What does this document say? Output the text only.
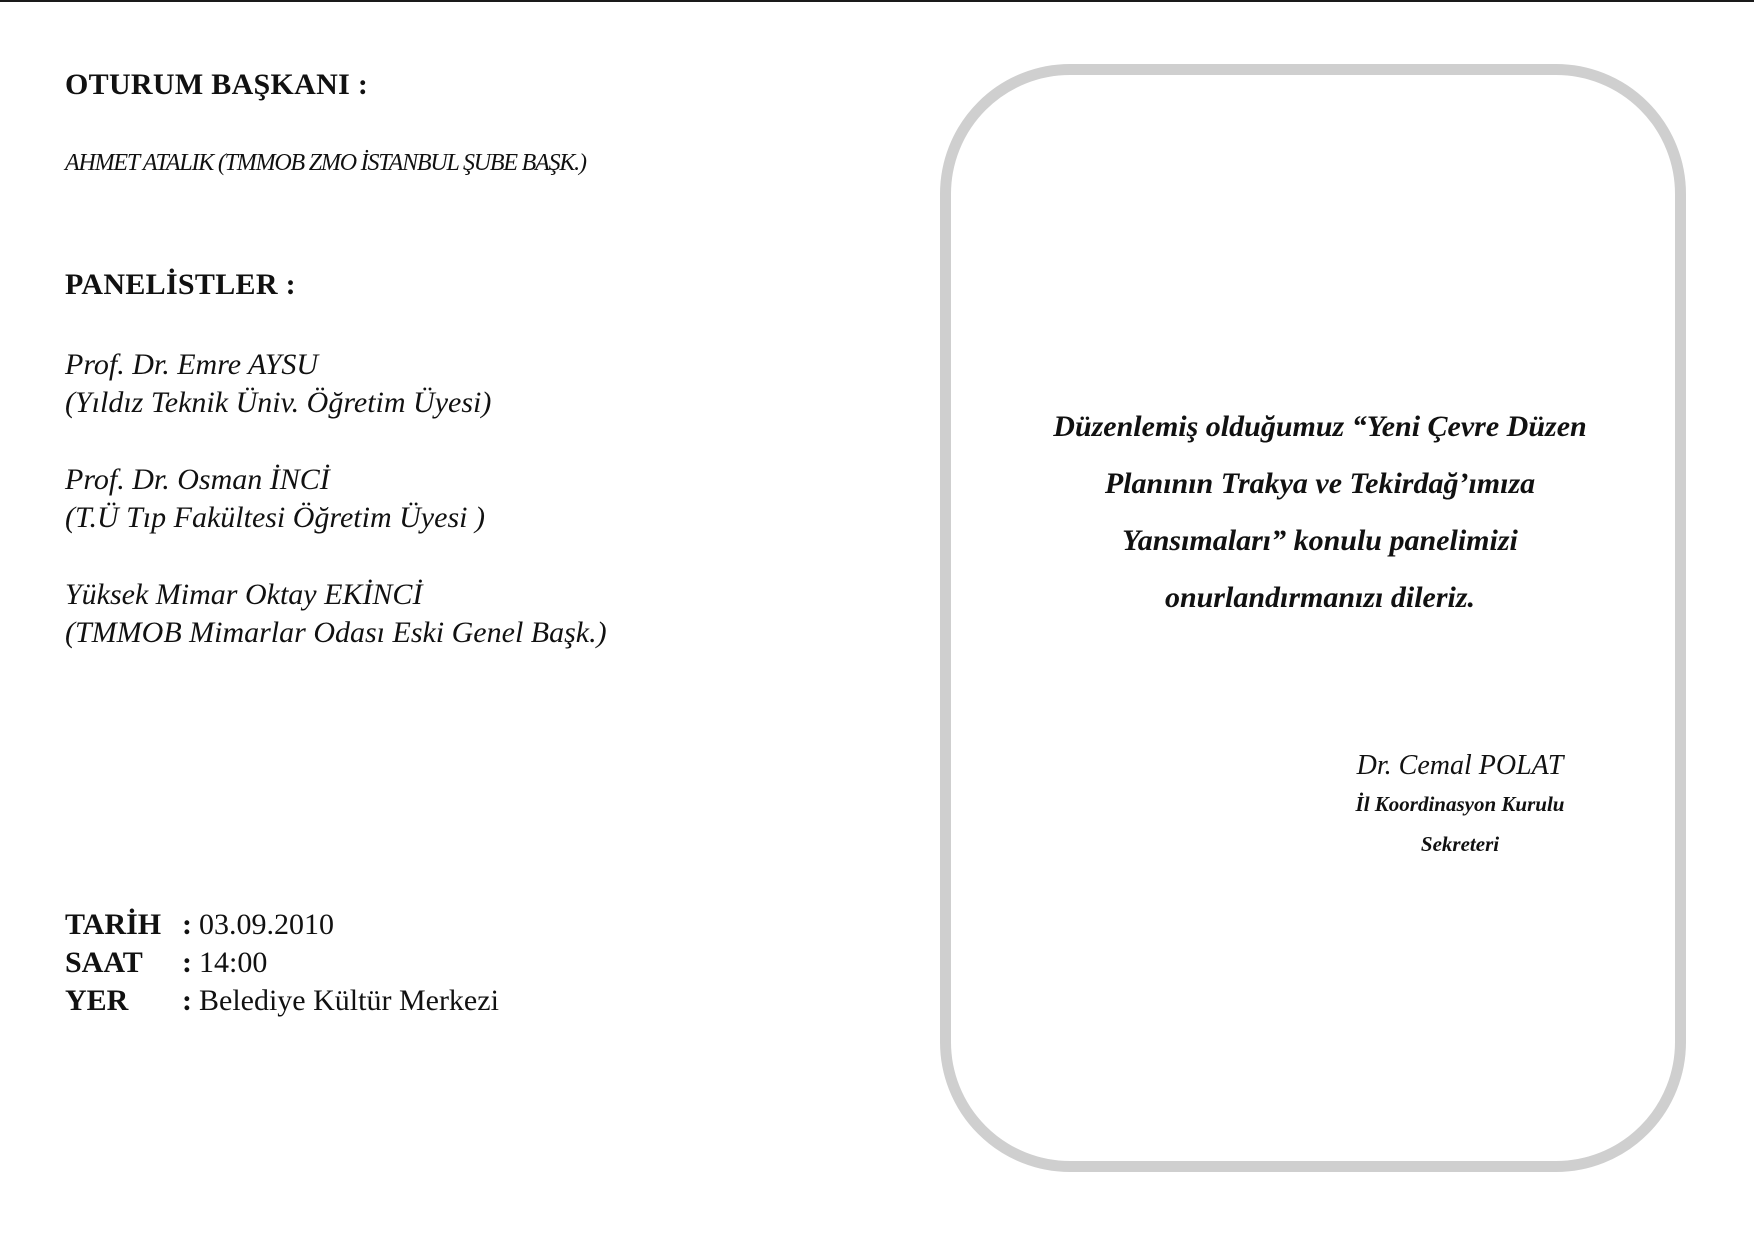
OTURUM BAŞKANI :
AHMET ATALIK (TMMOB ZMO İSTANBUL ŞUBE BAŞK.)
PANELİSTLER :
Prof. Dr. Emre AYSU
(Yıldız Teknik Üniv. Öğretim Üyesi)
Prof. Dr. Osman İNCİ
(T.Ü Tıp Fakültesi Öğretim Üyesi )
Yüksek Mimar Oktay EKİNCİ
(TMMOB Mimarlar Odası Eski Genel Başk.)
TARİH : 03.09.2010
SAAT	: 14:00
YER	: Belediye Kültür Merkezi
Düzenlemiş olduğumuz “Yeni Çevre Düzen
Planının Trakya ve Tekirdağ’ımıza
Yansımaları” konulu panelimizi
onurlandırmanızı dileriz.
Dr. Cemal POLAT
İl Koordinasyon Kurulu
Sekreteri
